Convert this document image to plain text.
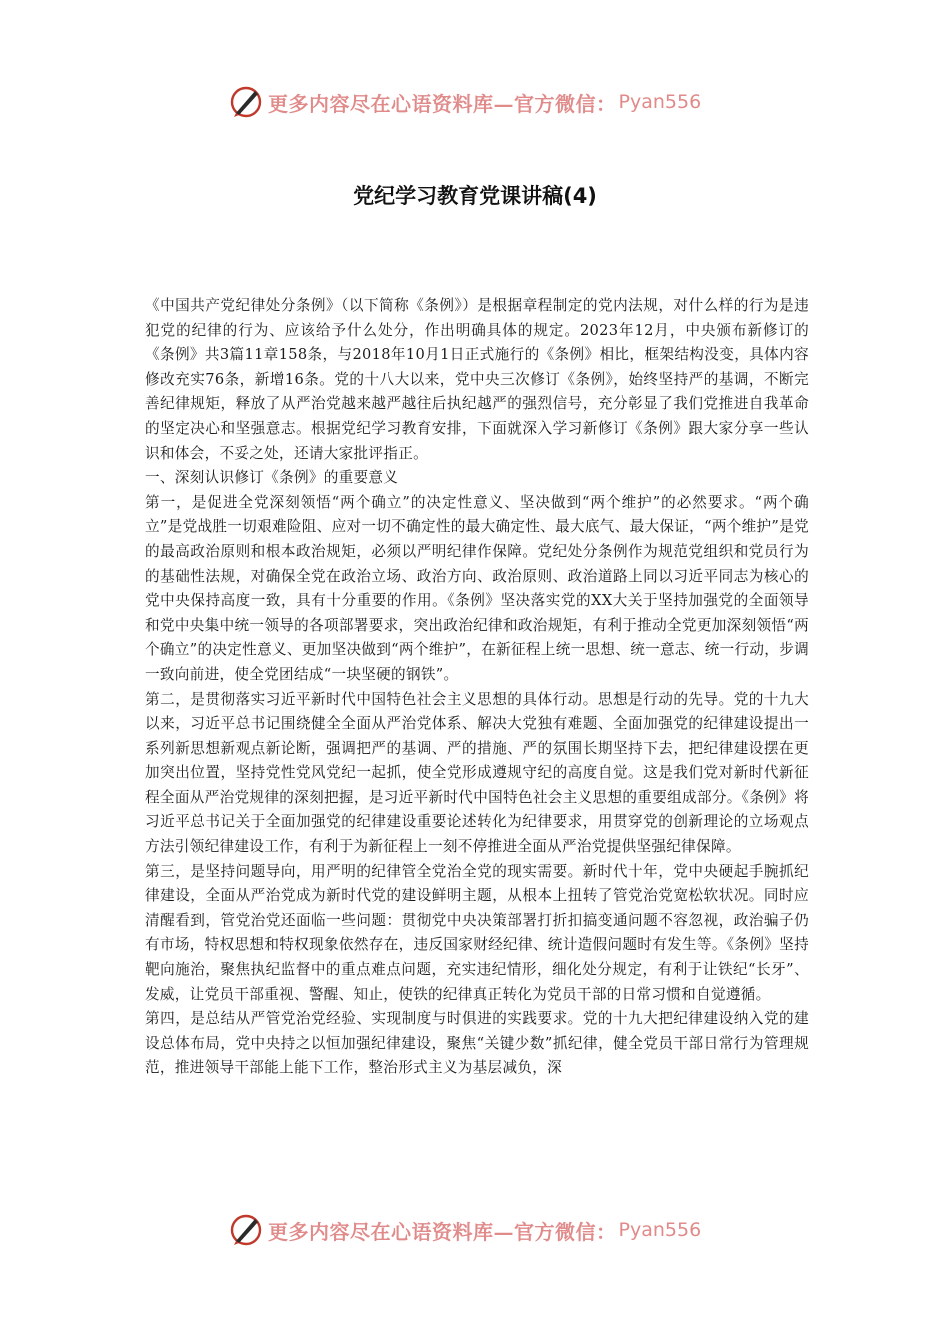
更多内容尽在心语资料库—官方微信： Pyan556
党纪学习教育党课讲稿(4)

《中国共产党纪律处分条例》（以下简称《条例》）是根据章程制定的党内法规，对什么样的行为是违犯党的纪律的行为、应该给予什么处分，作出明确具体的规定。2023年12月，中央颁布新修订的《条例》共3篇11章158条，与2018年10月1日正式施行的《条例》相比，框架结构没变，具体内容修改充实76条，新增16条。党的十八大以来，党中央三次修订《条例》，始终坚持严的基调，不断完善纪律规矩，释放了从严治党越来越严越往后执纪越严的强烈信号，充分彰显了我们党推进自我革命的坚定决心和坚强意志。根据党纪学习教育安排，下面就深入学习新修订《条例》跟大家分享一些认识和体会，不妥之处，还请大家批评指正。

一、深刻认识修订《条例》的重要意义

第一，是促进全党深刻领悟“两个确立”的决定性意义、坚决做到“两个维护”的必然要求。“两个确立”是党战胜一切艰难险阻、应对一切不确定性的最大确定性、最大底气、最大保证，“两个维护”是党的最高政治原则和根本政治规矩，必须以严明纪律作保障。党纪处分条例作为规范党组织和党员行为的基础性法规，对确保全党在政治立场、政治方向、政治原则、政治道路上同以习近平同志为核心的党中央保持高度一致，具有十分重要的作用。《条例》坚决落实党的XX大关于坚持加强党的全面领导和党中央集中统一领导的各项部署要求，突出政治纪律和政治规矩，有利于推动全党更加深刻领悟“两个确立”的决定性意义、更加坚决做到“两个维护”，在新征程上统一思想、统一意志、统一行动，步调一致向前进，使全党团结成“一块坚硬的钢铁”。

第二，是贯彻落实习近平新时代中国特色社会主义思想的具体行动。思想是行动的先导。党的十九大以来，习近平总书记围绕健全全面从严治党体系、解决大党独有难题、全面加强党的纪律建设提出一系列新思想新观点新论断，强调把严的基调、严的措施、严的氛围长期坚持下去，把纪律建设摆在更加突出位置，坚持党性党风党纪一起抓，使全党形成遵规守纪的高度自觉。这是我们党对新时代新征程全面从严治党规律的深刻把握，是习近平新时代中国特色社会主义思想的重要组成部分。《条例》将习近平总书记关于全面加强党的纪律建设重要论述转化为纪律要求，用贯穿党的创新理论的立场观点方法引领纪律建设工作，有利于为新征程上一刻不停推进全面从严治党提供坚强纪律保障。

第三，是坚持问题导向，用严明的纪律管全党治全党的现实需要。新时代十年，党中央硬起手腕抓纪律建设，全面从严治党成为新时代党的建设鲜明主题，从根本上扭转了管党治党宽松软状况。同时应清醒看到，管党治党还面临一些问题：贯彻党中央决策部署打折扣搞变通问题不容忽视，政治骗子仍有市场，特权思想和特权现象依然存在，违反国家财经纪律、统计造假问题时有发生等。《条例》坚持靶向施治，聚焦执纪监督中的重点难点问题，充实违纪情形，细化处分规定，有利于让铁纪“长牙”、发威，让党员干部重视、警醒、知止，使铁的纪律真正转化为党员干部的日常习惯和自觉遵循。

第四，是总结从严管党治党经验、实现制度与时俱进的实践要求。党的十九大把纪律建设纳入党的建设总体布局，党中央持之以恒加强纪律建设，聚焦“关键少数”抓纪律，健全党员干部日常行为管理规范，推进领导干部能上能下工作，整治形式主义为基层减负，深

更多内容尽在心语资料库—官方微信： Pyan556
